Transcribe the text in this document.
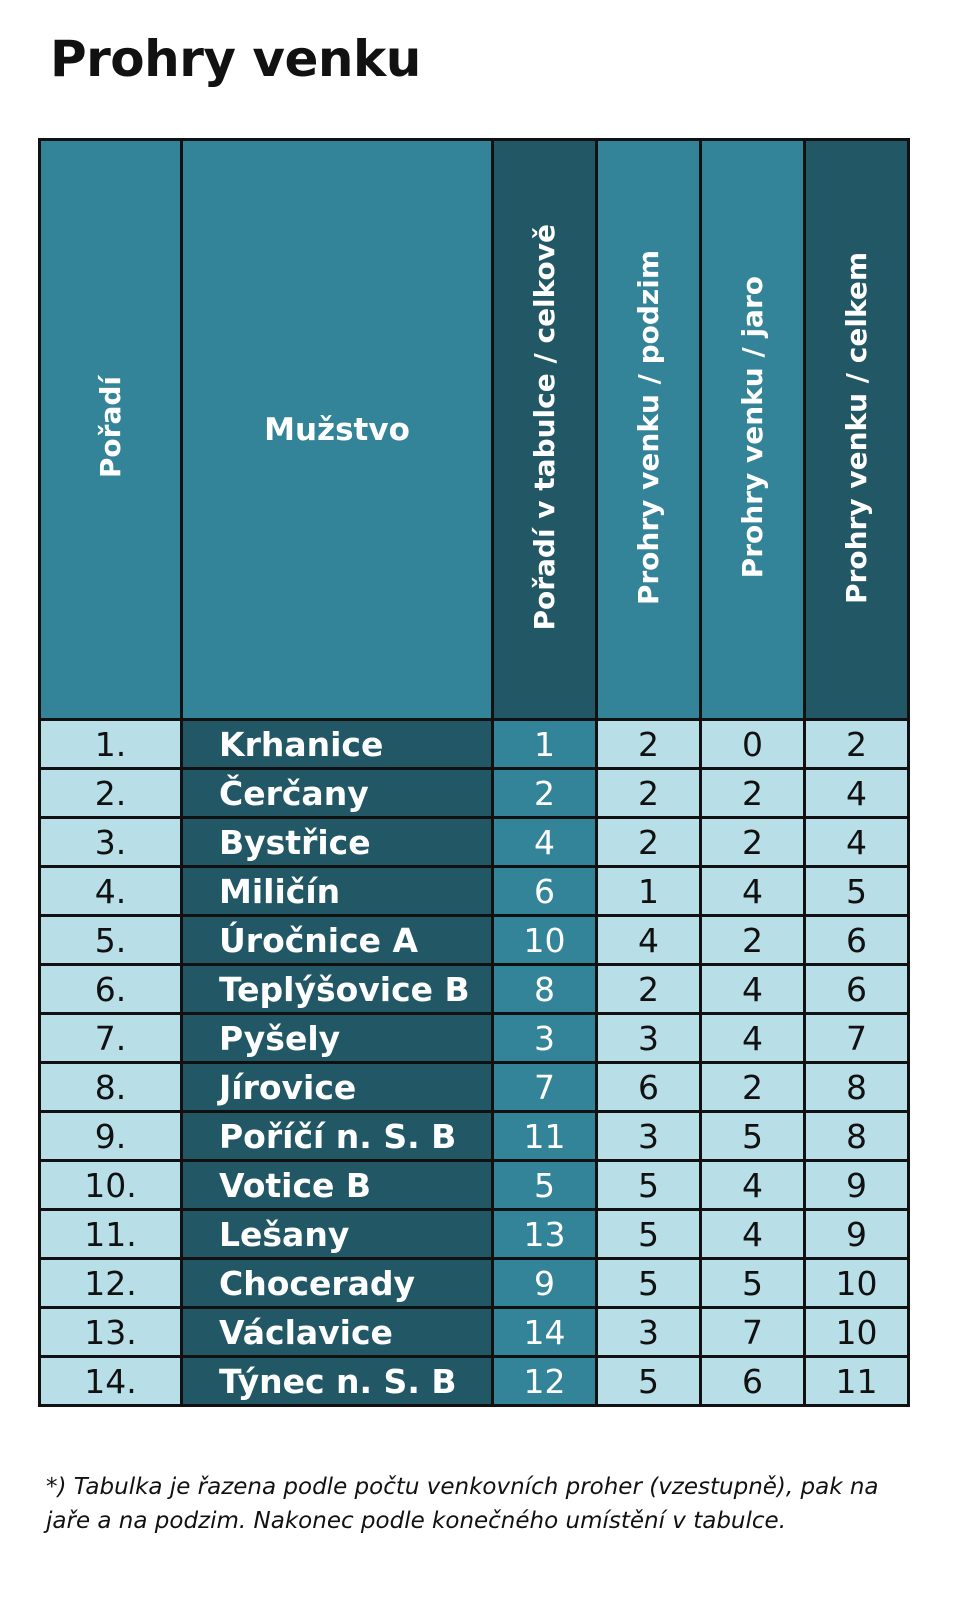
Prohry venku
Pořadí	Mužstvo	Pořadí v tabulce / celkově	Prohry venku / podzim	Prohry venku / jaro	Prohry venku / celkem
1.	Krhanice	1	2	0	2
2.	Čerčany	2	2	2	4
3.	Bystřice	4	2	2	4
4.	Miličín	6	1	4	5
5.	Úročnice A	10	4	2	6
6.	Teplýšovice B	8	2	4	6
7.	Pyšely	3	3	4	7
8.	Jírovice	7	6	2	8
9.	Poříčí n. S. B	11	3	5	8
10.	Votice B	5	5	4	9
11.	Lešany	13	5	4	9
12.	Chocerady	9	5	5	10
13.	Václavice	14	3	7	10
14.	Týnec n. S. B	12	5	6	11
*) Tabulka je řazena podle počtu venkovních proher (vzestupně), pak na jaře a na podzim. Nakonec podle konečného umístění v tabulce.
